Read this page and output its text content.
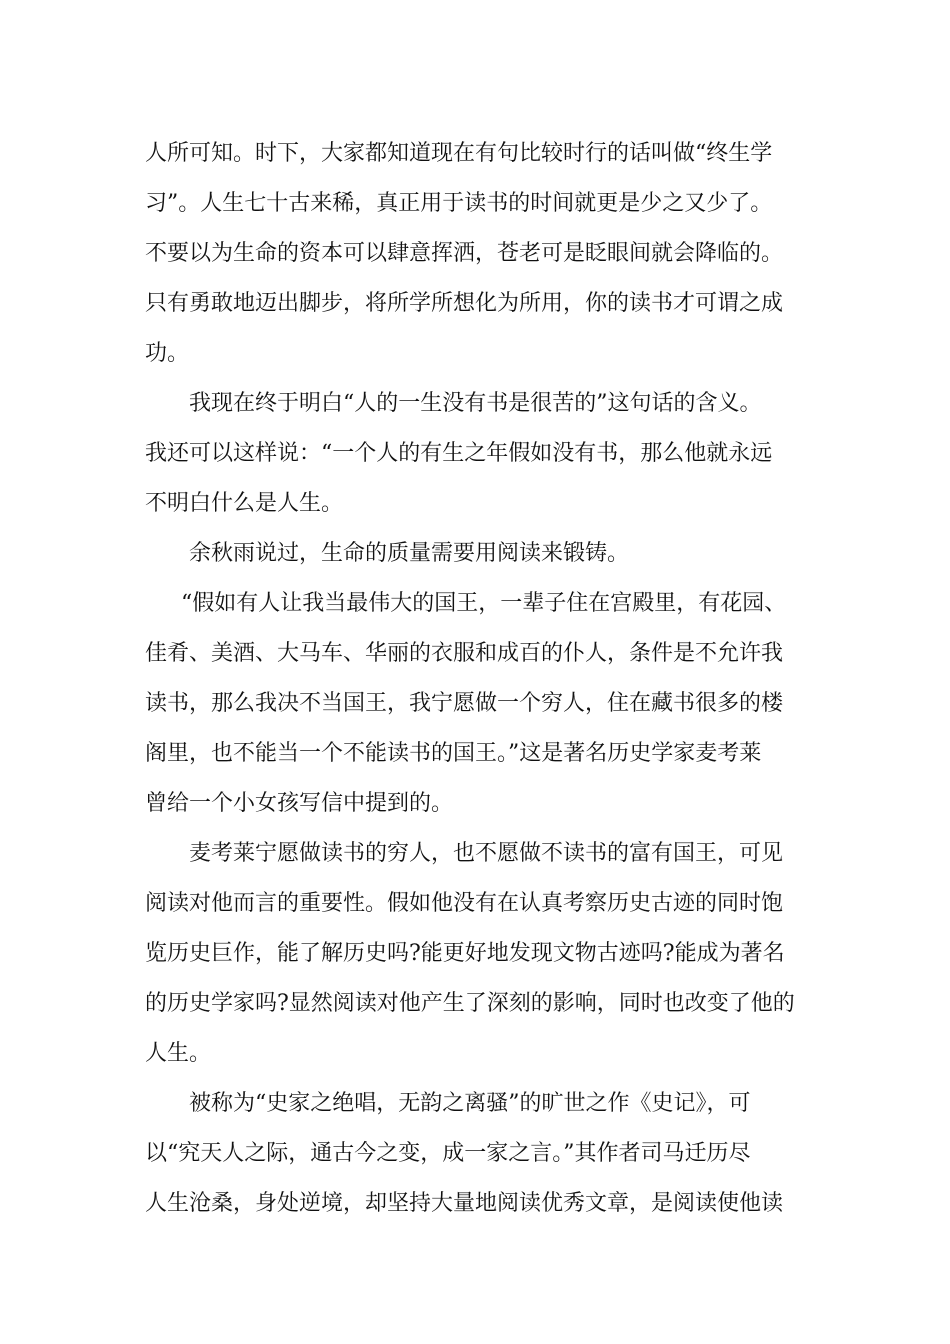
人所可知。时下，大家都知道现在有句比较时行的话叫做“终生学
习”。人生七十古来稀，真正用于读书的时间就更是少之又少了。
不要以为生命的资本可以肆意挥洒，苍老可是眨眼间就会降临的。
只有勇敢地迈出脚步，将所学所想化为所用，你的读书才可谓之成
功。
我现在终于明白“人的一生没有书是很苦的”这句话的含义。
我还可以这样说：“一个人的有生之年假如没有书，那么他就永远
不明白什么是人生。
余秋雨说过，生命的质量需要用阅读来锻铸。
“假如有人让我当最伟大的国王，一辈子住在宫殿里，有花园、
佳肴、美酒、大马车、华丽的衣服和成百的仆人，条件是不允许我
读书，那么我决不当国王，我宁愿做一个穷人，住在藏书很多的楼
阁里，也不能当一个不能读书的国王。”这是著名历史学家麦考莱
曾给一个小女孩写信中提到的。
麦考莱宁愿做读书的穷人，也不愿做不读书的富有国王，可见
阅读对他而言的重要性。假如他没有在认真考察历史古迹的同时饱
览历史巨作，能了解历史吗?能更好地发现文物古迹吗?能成为著名
的历史学家吗?显然阅读对他产生了深刻的影响，同时也改变了他的
人生。
被称为“史家之绝唱，无韵之离骚”的旷世之作《史记》，可
以“究天人之际，通古今之变，成一家之言。”其作者司马迁历尽
人生沧桑，身处逆境，却坚持大量地阅读优秀文章，是阅读使他读
